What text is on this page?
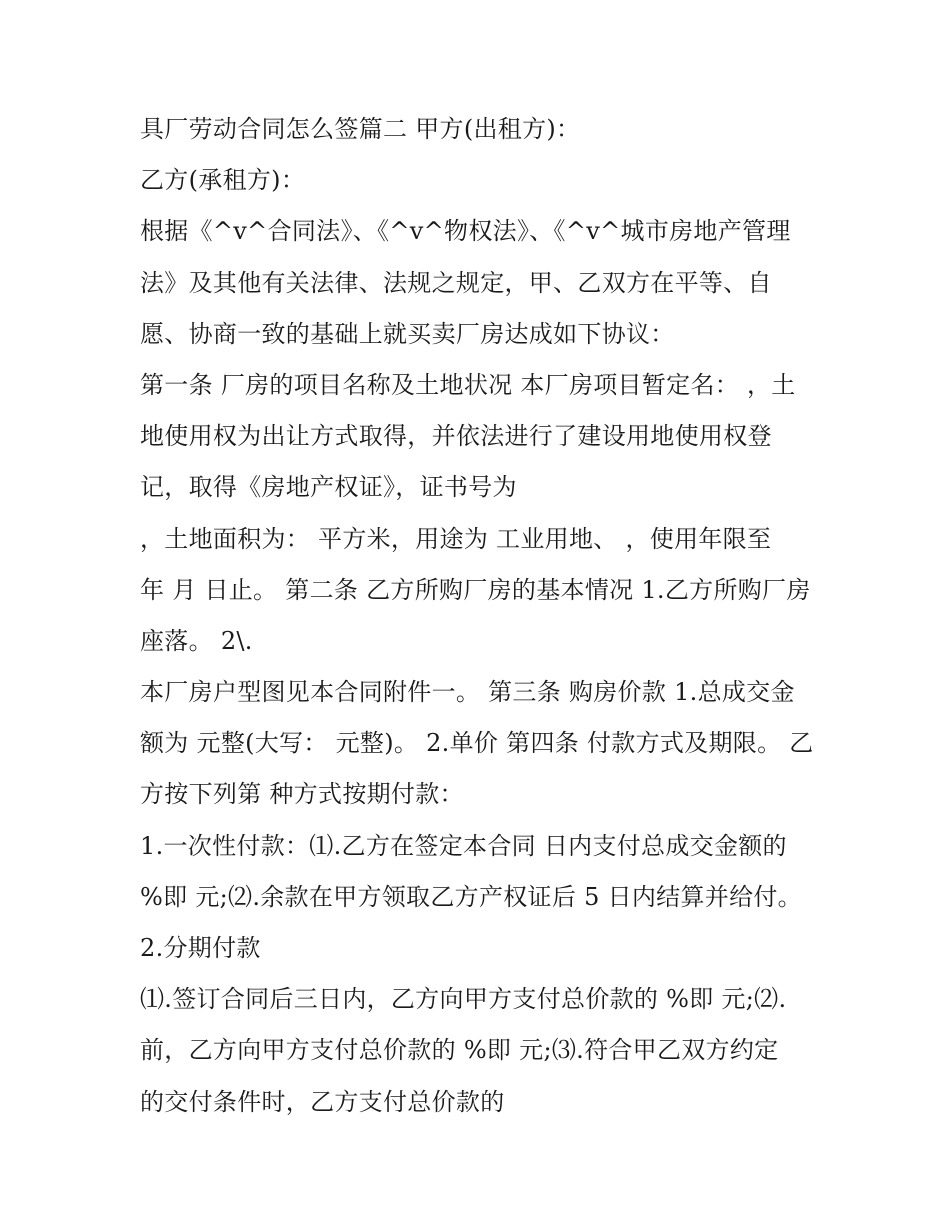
具厂劳动合同怎么签篇二 甲方(出租方)：
乙方(承租方)：
根据《^v^合同法》、《^v^物权法》、《^v^城市房地产管理
法》及其他有关法律、法规之规定，甲、乙双方在平等、自
愿、协商一致的基础上就买卖厂房达成如下协议：
第一条 厂房的项目名称及土地状况 本厂房项目暂定名： ，土
地使用权为出让方式取得，并依法进行了建设用地使用权登
记，取得《房地产权证》，证书号为
，土地面积为： 平方米，用途为 工业用地、 ，使用年限至
年 月 日止。 第二条 乙方所购厂房的基本情况 1.乙方所购厂房
座落。 2\.
本厂房户型图见本合同附件一。 第三条 购房价款 1.总成交金
额为 元整(大写： 元整)。 2.单价 第四条 付款方式及期限。 乙
方按下列第 种方式按期付款：
1.一次性付款：⑴.乙方在签定本合同 日内支付总成交金额的
%即 元;⑵.余款在甲方领取乙方产权证后 5 日内结算并给付。
2.分期付款
⑴.签订合同后三日内，乙方向甲方支付总价款的 %即 元;⑵.
前，乙方向甲方支付总价款的 %即 元;⑶.符合甲乙双方约定
的交付条件时，乙方支付总价款的
